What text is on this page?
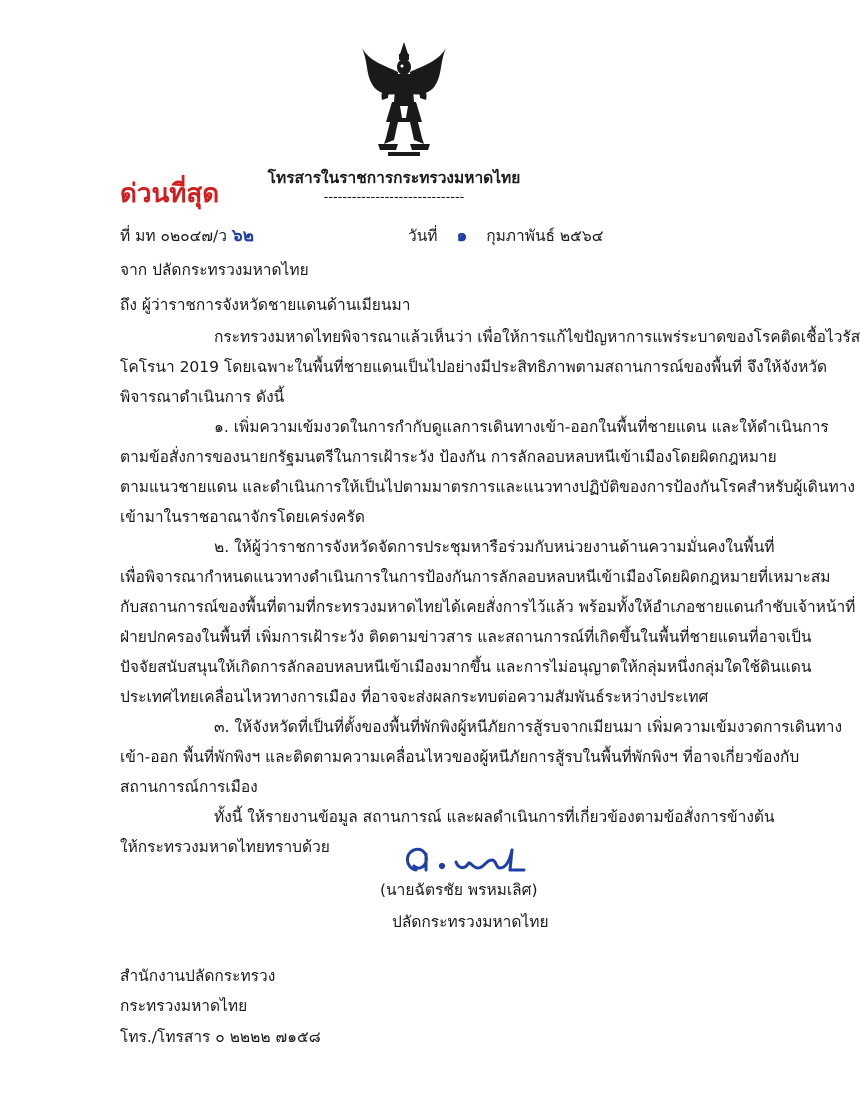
โทรสารในราชการกระทรวงมหาดไทย
------------------------------
ด่วนที่สุด
ที่ มท ๐๒๐๔๗/ว ๖๒	วันที่ ๑ กุมภาพันธ์ ๒๕๖๔
จาก ปลัดกระทรวงมหาดไทย
ถึง ผู้ว่าราชการจังหวัดชายแดนด้านเมียนมา
กระทรวงมหาดไทยพิจารณาแล้วเห็นว่า เพื่อให้การแก้ไขปัญหาการแพร่ระบาดของโรคติดเชื้อไวรัส
โคโรนา 2019 โดยเฉพาะในพื้นที่ชายแดนเป็นไปอย่างมีประสิทธิภาพตามสถานการณ์ของพื้นที่ จึงให้จังหวัด
พิจารณาดำเนินการ ดังนี้
๑. เพิ่มความเข้มงวดในการกำกับดูแลการเดินทางเข้า-ออกในพื้นที่ชายแดน และให้ดำเนินการ
ตามข้อสั่งการของนายกรัฐมนตรีในการเฝ้าระวัง ป้องกัน การลักลอบหลบหนีเข้าเมืองโดยผิดกฎหมาย
ตามแนวชายแดน และดำเนินการให้เป็นไปตามมาตรการและแนวทางปฏิบัติของการป้องกันโรคสำหรับผู้เดินทาง
เข้ามาในราชอาณาจักรโดยเคร่งครัด
๒. ให้ผู้ว่าราชการจังหวัดจัดการประชุมหารือร่วมกับหน่วยงานด้านความมั่นคงในพื้นที่
เพื่อพิจารณากำหนดแนวทางดำเนินการในการป้องกันการลักลอบหลบหนีเข้าเมืองโดยผิดกฎหมายที่เหมาะสม
กับสถานการณ์ของพื้นที่ตามที่กระทรวงมหาดไทยได้เคยสั่งการไว้แล้ว พร้อมทั้งให้อำเภอชายแดนกำชับเจ้าหน้าที่
ฝ่ายปกครองในพื้นที่ เพิ่มการเฝ้าระวัง ติดตามข่าวสาร และสถานการณ์ที่เกิดขึ้นในพื้นที่ชายแดนที่อาจเป็น
ปัจจัยสนับสนุนให้เกิดการลักลอบหลบหนีเข้าเมืองมากขึ้น และการไม่อนุญาตให้กลุ่มหนึ่งกลุ่มใดใช้ดินแดน
ประเทศไทยเคลื่อนไหวทางการเมือง ที่อาจจะส่งผลกระทบต่อความสัมพันธ์ระหว่างประเทศ
๓. ให้จังหวัดที่เป็นที่ตั้งของพื้นที่พักพิงผู้หนีภัยการสู้รบจากเมียนมา เพิ่มความเข้มงวดการเดินทาง
เข้า-ออก พื้นที่พักพิงฯ และติดตามความเคลื่อนไหวของผู้หนีภัยการสู้รบในพื้นที่พักพิงฯ ที่อาจเกี่ยวข้องกับ
สถานการณ์การเมือง
ทั้งนี้ ให้รายงานข้อมูล สถานการณ์ และผลดำเนินการที่เกี่ยวข้องตามข้อสั่งการข้างต้น
ให้กระทรวงมหาดไทยทราบด้วย
(นายฉัตรชัย พรหมเลิศ)
ปลัดกระทรวงมหาดไทย
สำนักงานปลัดกระทรวง
กระทรวงมหาดไทย
โทร./โทรสาร ๐ ๒๒๒๒ ๗๑๕๘
